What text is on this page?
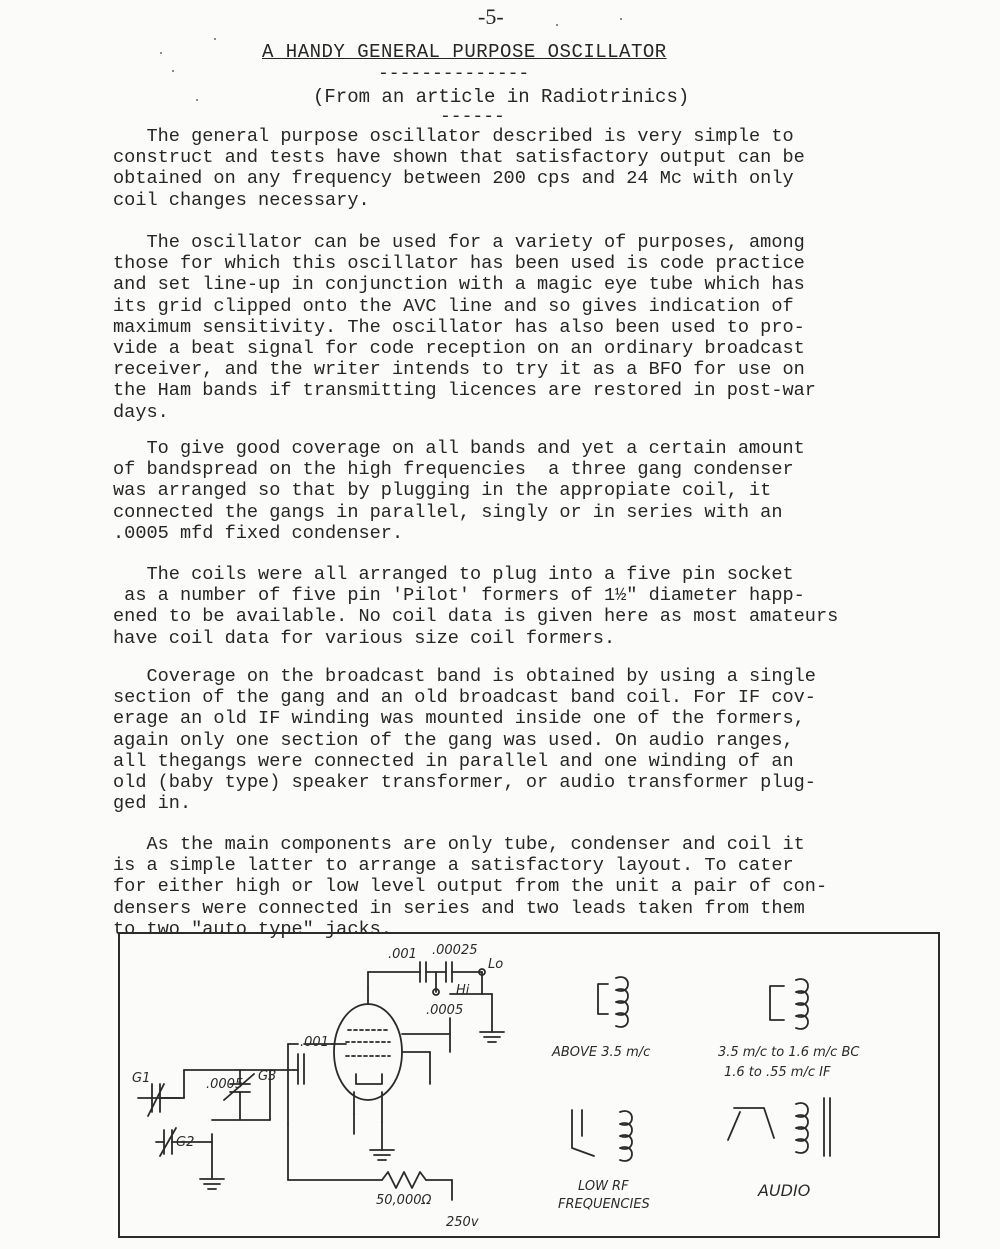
-5-
A HANDY GENERAL PURPOSE OSCILLATOR
--------------
(From an article in Radiotrinics)
------
The general purpose oscillator described is very simple to
construct and tests have shown that satisfactory output can be
obtained on any frequency between 200 cps and 24 Mc with only
coil changes necessary.
The oscillator can be used for a variety of purposes, among
those for which this oscillator has been used is code practice
and set line-up in conjunction with a magic eye tube which has
its grid clipped onto the AVC line and so gives indication of
maximum sensitivity. The oscillator has also been used to pro-
vide a beat signal for code reception on an ordinary broadcast
receiver, and the writer intends to try it as a BFO for use on
the Ham bands if transmitting licences are restored in post-war
days.
To give good coverage on all bands and yet a certain amount
of bandspread on the high frequencies  a three gang condenser
was arranged so that by plugging in the appropiate coil, it
connected the gangs in parallel, singly or in series with an
.0005 mfd fixed condenser.
The coils were all arranged to plug into a five pin socket
as a number of five pin 'Pilot' formers of 1½" diameter happ-
ened to be available. No coil data is given here as most amateurs
have coil data for various size coil formers.
Coverage on the broadcast band is obtained by using a single
section of the gang and an old broadcast band coil. For IF cov-
erage an old IF winding was mounted inside one of the formers,
again only one section of the gang was used. On audio ranges,
all thegangs were connected in parallel and one winding of an
old (baby type) speaker transformer, or audio transformer plug-
ged in.
As the main components are only tube, condenser and coil it
is a simple latter to arrange a satisfactory layout. To cater
for either high or low level output from the unit a pair of con-
densers were connected in series and two leads taken from them
to two "auto type" jacks.
G1
G2
.0005
G3
.001
.001 .00025
Lo
Hi
.0005
50,000Ω
250v
ABOVE 3.5 m/c	3.5 m/c to 1.6 m/c BC
1.6 to .55 m/c IF
LOW RF
FREQUENCIES
AUDIO
